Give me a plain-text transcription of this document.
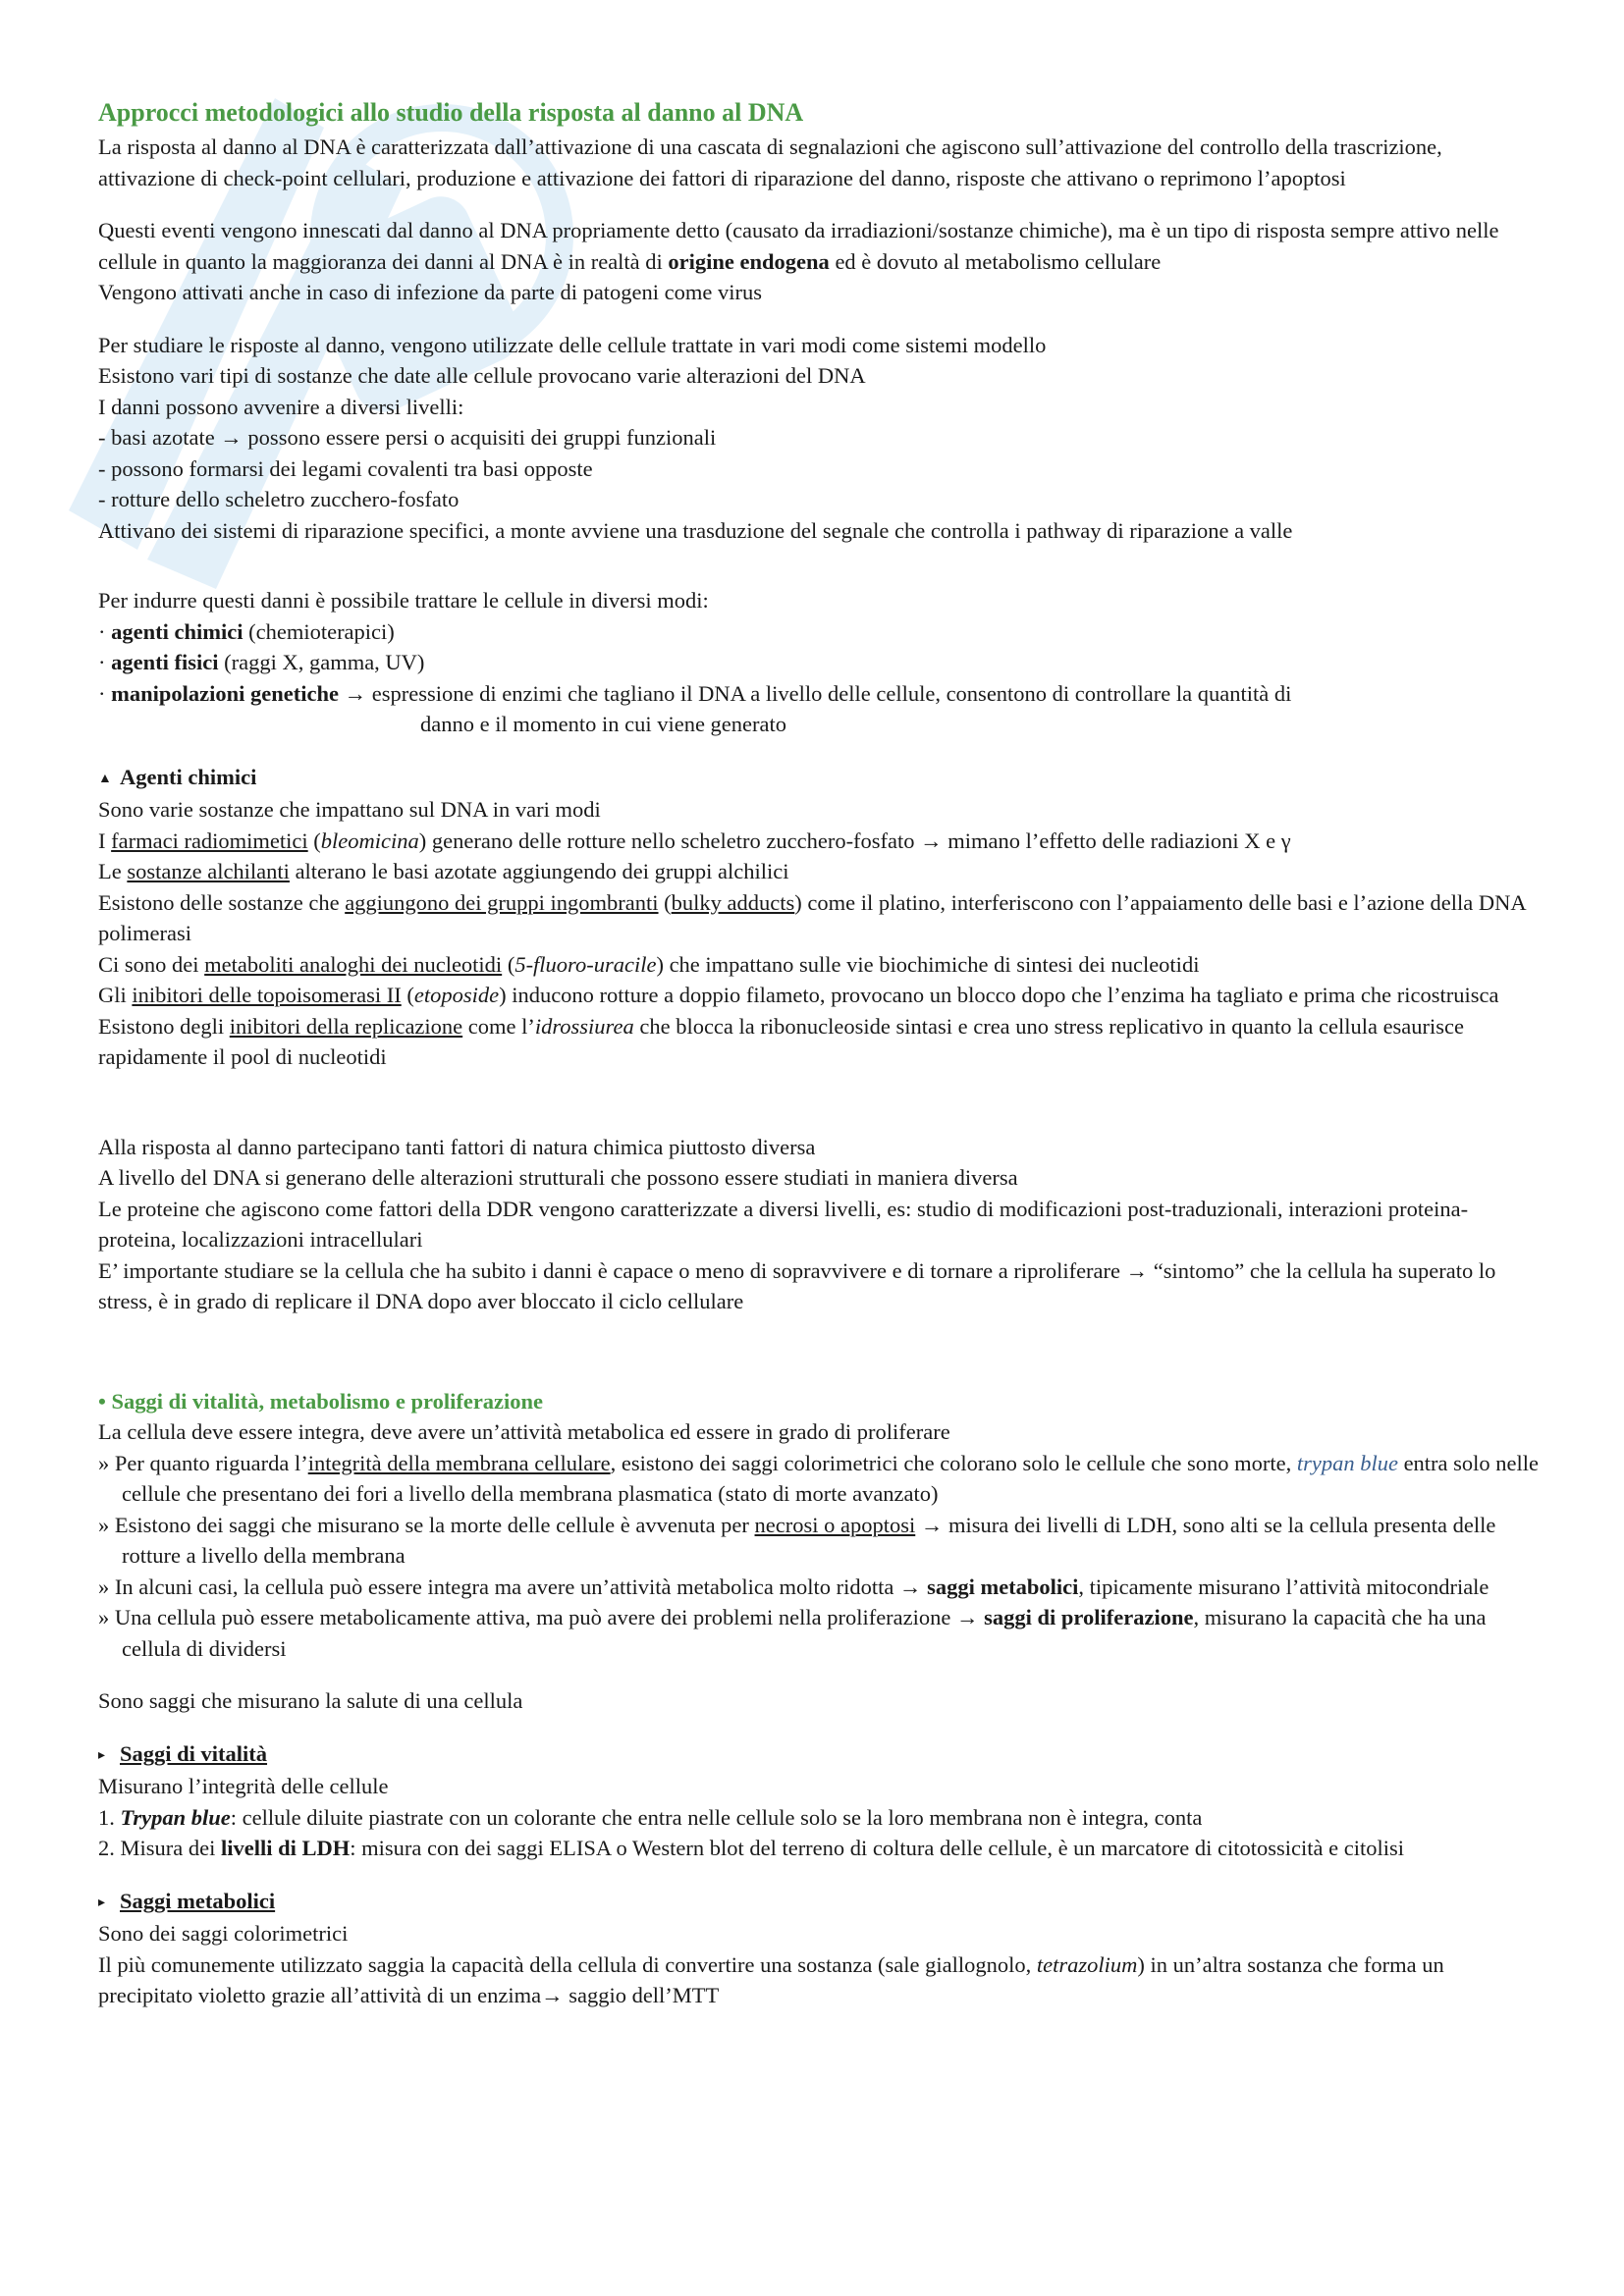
Approcci metodologici allo studio della risposta al danno al DNA

La risposta al danno al DNA è caratterizzata dall’attivazione di una cascata di segnalazioni che agiscono sull’attivazione del controllo della trascrizione, attivazione di check-point cellulari, produzione e attivazione dei fattori di riparazione del danno, risposte che attivano o reprimono l’apoptosi

Questi eventi vengono innescati dal danno al DNA propriamente detto (causato da irradiazioni/sostanze chimiche), ma è un tipo di risposta sempre attivo nelle cellule in quanto la maggioranza dei danni al DNA è in realtà di origine endogena ed è dovuto al metabolismo cellulare

Vengono attivati anche in caso di infezione da parte di patogeni come virus

Per studiare le risposte al danno, vengono utilizzate delle cellule trattate in vari modi come sistemi modello

Esistono vari tipi di sostanze che date alle cellule provocano varie alterazioni del DNA

I danni possono avvenire a diversi livelli:

- basi azotate → possono essere persi o acquisiti dei gruppi funzionali

- possono formarsi dei legami covalenti tra basi opposte

- rotture dello scheletro zucchero-fosfato

Attivano dei sistemi di riparazione specifici, a monte avviene una trasduzione del segnale che controlla i pathway di riparazione a valle

Per indurre questi danni è possibile trattare le cellule in diversi modi:

· agenti chimici (chemioterapici)

· agenti fisici (raggi X, gamma, UV)

· manipolazioni genetiche → espressione di enzimi che tagliano il DNA a livello delle cellule, consentono di controllare la quantità di

danno e il momento in cui viene generato

▲ Agenti chimici

Sono varie sostanze che impattano sul DNA in vari modi

I farmaci radiomimetici (bleomicina) generano delle rotture nello scheletro zucchero-fosfato → mimano l’effetto delle radiazioni X e γ

Le sostanze alchilanti alterano le basi azotate aggiungendo dei gruppi alchilici

Esistono delle sostanze che aggiungono dei gruppi ingombranti (bulky adducts) come il platino, interferiscono con l’appaiamento delle basi e l’azione della DNA polimerasi

Ci sono dei metaboliti analoghi dei nucleotidi (5-fluoro-uracile) che impattano sulle vie biochimiche di sintesi dei nucleotidi

Gli inibitori delle topoisomerasi II (etoposide) inducono rotture a doppio filameto, provocano un blocco dopo che l’enzima ha tagliato e prima che ricostruisca

Esistono degli inibitori della replicazione come l’idrossiurea che blocca la ribonucleoside sintasi e crea uno stress replicativo in quanto la cellula esaurisce rapidamente il pool di nucleotidi

Alla risposta al danno partecipano tanti fattori di natura chimica piuttosto diversa

A livello del DNA si generano delle alterazioni strutturali che possono essere studiati in maniera diversa

Le proteine che agiscono come fattori della DDR vengono caratterizzate a diversi livelli, es: studio di modificazioni post-traduzionali, interazioni proteina-proteina, localizzazioni intracellulari

E’ importante studiare se la cellula che ha subito i danni è capace o meno di sopravvivere e di tornare a riproliferare → “sintomo” che la cellula ha superato lo stress, è in grado di replicare il DNA dopo aver bloccato il ciclo cellulare

• Saggi di vitalità, metabolismo e proliferazione

La cellula deve essere integra, deve avere un’attività metabolica ed essere in grado di proliferare

» Per quanto riguarda l’integrità della membrana cellulare, esistono dei saggi colorimetrici che colorano solo le cellule che sono morte, trypan blue entra solo nelle cellule che presentano dei fori a livello della membrana plasmatica (stato di morte avanzato)

» Esistono dei saggi che misurano se la morte delle cellule è avvenuta per necrosi o apoptosi → misura dei livelli di LDH, sono alti se la cellula presenta delle rotture a livello della membrana

» In alcuni casi, la cellula può essere integra ma avere un’attività metabolica molto ridotta → saggi metabolici, tipicamente misurano l’attività mitocondriale

» Una cellula può essere metabolicamente attiva, ma può avere dei problemi nella proliferazione → saggi di proliferazione, misurano la capacità che ha una cellula di dividersi

Sono saggi che misurano la salute di una cellula

▸ Saggi di vitalità

Misurano l’integrità delle cellule

1. Trypan blue: cellule diluite piastrate con un colorante che entra nelle cellule solo se la loro membrana non è integra, conta

2. Misura dei livelli di LDH: misura con dei saggi ELISA o Western blot del terreno di coltura delle cellule, è un marcatore di citotossicità e citolisi

▸ Saggi metabolici

Sono dei saggi colorimetrici

Il più comunemente utilizzato saggia la capacità della cellula di convertire una sostanza (sale giallognolo, tetrazolium) in un’altra sostanza che forma un precipitato violetto grazie all’attività di un enzima→ saggio dell’MTT
